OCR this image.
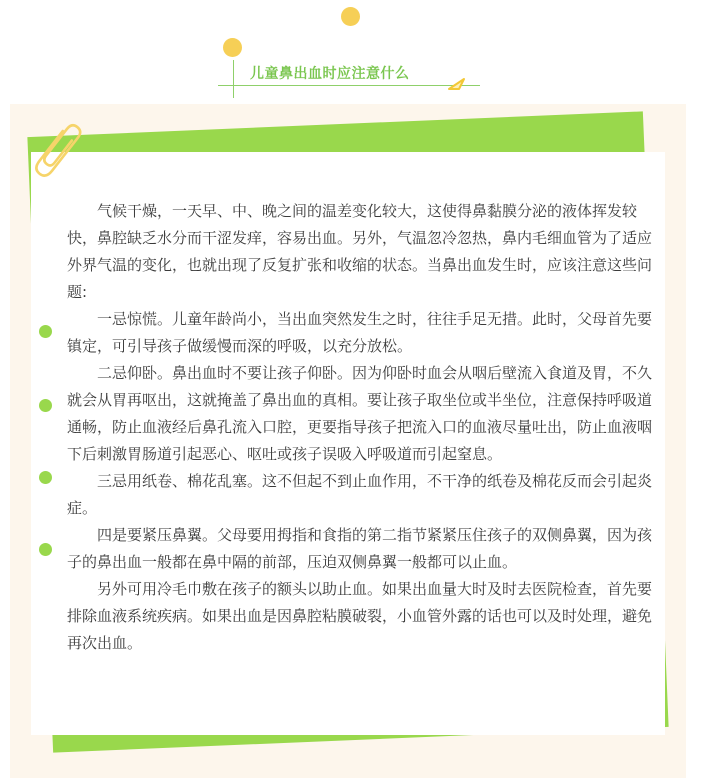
儿童鼻出血时应注意什么

气候干燥，一天早、中、晚之间的温差变化较大，这使得鼻黏膜分泌的液体挥发较快，鼻腔缺乏水分而干涩发痒，容易出血。另外，气温忽冷忽热，鼻内毛细血管为了适应外界气温的变化，也就出现了反复扩张和收缩的状态。当鼻出血发生时，应该注意这些问题:

一忌惊慌。儿童年龄尚小，当出血突然发生之时，往往手足无措。此时，父母首先要镇定，可引导孩子做缓慢而深的呼吸，以充分放松。

二忌仰卧。鼻出血时不要让孩子仰卧。因为仰卧时血会从咽后壁流入食道及胃，不久就会从胃再呕出，这就掩盖了鼻出血的真相。要让孩子取坐位或半坐位，注意保持呼吸道通畅，防止血液经后鼻孔流入口腔，更要指导孩子把流入口的血液尽量吐出，防止血液咽下后刺激胃肠道引起恶心、呕吐或孩子误吸入呼吸道而引起窒息。

三忌用纸卷、棉花乱塞。这不但起不到止血作用，不干净的纸卷及棉花反而会引起炎症。

四是要紧压鼻翼。父母要用拇指和食指的第二指节紧紧压住孩子的双侧鼻翼，因为孩子的鼻出血一般都在鼻中隔的前部，压迫双侧鼻翼一般都可以止血。

另外可用冷毛巾敷在孩子的额头以助止血。如果出血量大时及时去医院检查，首先要排除血液系统疾病。如果出血是因鼻腔粘膜破裂，小血管外露的话也可以及时处理，避免再次出血。
